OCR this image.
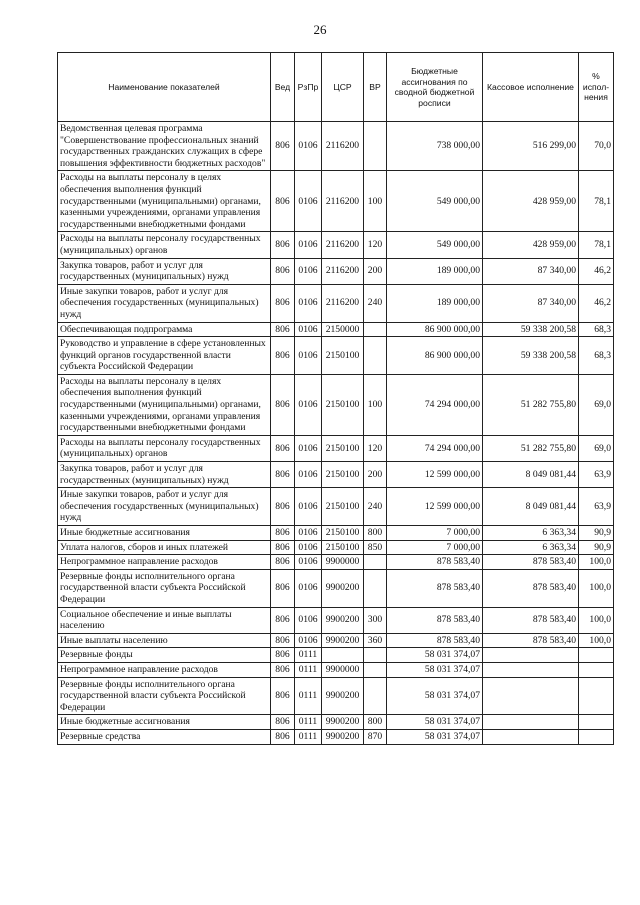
26
Наименование показателей	Вед	РзПр	ЦСР	ВР	Бюджетные ассигнования по сводной бюджетной росписи	Кассовое исполнение	% испол-нения
Ведомственная целевая программа "Совершенствование профессиональных знаний государственных гражданских служащих в сфере повышения эффективности бюджетных расходов"	806	0106	2116200		738 000,00	516 299,00	70,0
Расходы на выплаты персоналу в целях обеспечения выполнения функций государственными (муниципальными) органами, казенными учреждениями, органами управления государственными внебюджетными фондами	806	0106	2116200	100	549 000,00	428 959,00	78,1
Расходы на выплаты персоналу государственных (муниципальных) органов	806	0106	2116200	120	549 000,00	428 959,00	78,1
Закупка товаров, работ и услуг для государственных (муниципальных) нужд	806	0106	2116200	200	189 000,00	87 340,00	46,2
Иные закупки товаров, работ и услуг для обеспечения государственных (муниципальных) нужд	806	0106	2116200	240	189 000,00	87 340,00	46,2
Обеспечивающая подпрограмма	806	0106	2150000		86 900 000,00	59 338 200,58	68,3
Руководство и управление в сфере установленных функций органов государственной власти субъекта Российской Федерации	806	0106	2150100		86 900 000,00	59 338 200,58	68,3
Расходы на выплаты персоналу в целях обеспечения выполнения функций государственными (муниципальными) органами, казенными учреждениями, органами управления государственными внебюджетными фондами	806	0106	2150100	100	74 294 000,00	51 282 755,80	69,0
Расходы на выплаты персоналу государственных (муниципальных) органов	806	0106	2150100	120	74 294 000,00	51 282 755,80	69,0
Закупка товаров, работ и услуг для государственных (муниципальных) нужд	806	0106	2150100	200	12 599 000,00	8 049 081,44	63,9
Иные закупки товаров, работ и услуг для обеспечения государственных (муниципальных) нужд	806	0106	2150100	240	12 599 000,00	8 049 081,44	63,9
Иные бюджетные ассигнования	806	0106	2150100	800	7 000,00	6 363,34	90,9
Уплата налогов, сборов и иных платежей	806	0106	2150100	850	7 000,00	6 363,34	90,9
Непрограммное направление расходов	806	0106	9900000		878 583,40	878 583,40	100,0
Резервные фонды исполнительного органа государственной власти субъекта Российской Федерации	806	0106	9900200		878 583,40	878 583,40	100,0
Социальное обеспечение и иные выплаты населению	806	0106	9900200	300	878 583,40	878 583,40	100,0
Иные выплаты населению	806	0106	9900200	360	878 583,40	878 583,40	100,0
Резервные фонды	806	0111			58 031 374,07		
Непрограммное направление расходов	806	0111	9900000		58 031 374,07		
Резервные фонды исполнительного органа государственной власти субъекта Российской Федерации	806	0111	9900200		58 031 374,07		
Иные бюджетные ассигнования	806	0111	9900200	800	58 031 374,07		
Резервные средства	806	0111	9900200	870	58 031 374,07		
